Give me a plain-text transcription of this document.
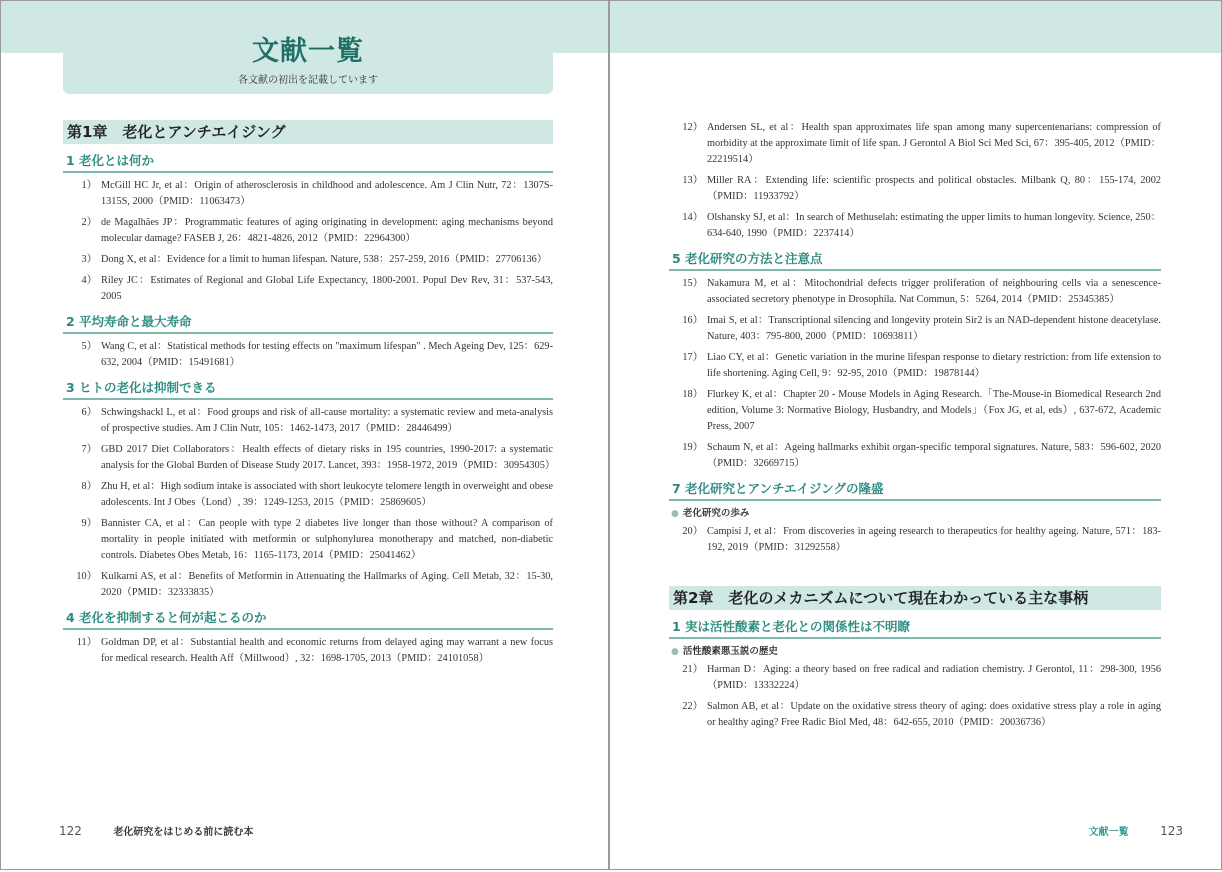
文献一覧
各文献の初出を記載しています
第1章　老化とアンチエイジング
1 老化とは何か
1） McGill HC Jr, et al：Origin of atherosclerosis in childhood and adolescence. Am J Clin Nutr, 72：1307S-1315S, 2000（PMID：11063473）
2） de Magalhães JP：Programmatic features of aging originating in development: aging mechanisms beyond molecular damage? FASEB J, 26：4821-4826, 2012（PMID：22964300）
3） Dong X, et al：Evidence for a limit to human lifespan. Nature, 538：257-259, 2016（PMID：27706136）
4） Riley JC：Estimates of Regional and Global Life Expectancy, 1800-2001. Popul Dev Rev, 31：537-543, 2005
2 平均寿命と最大寿命
5） Wang C, et al：Statistical methods for testing effects on "maximum lifespan" . Mech Ageing Dev, 125：629-632, 2004（PMID：15491681）
3 ヒトの老化は抑制できる
6） Schwingshackl L, et al：Food groups and risk of all-cause mortality: a systematic review and meta-analysis of prospective studies. Am J Clin Nutr, 105：1462-1473, 2017（PMID：28446499）
7） GBD 2017 Diet Collaborators：Health effects of dietary risks in 195 countries, 1990-2017: a systematic analysis for the Global Burden of Disease Study 2017. Lancet, 393：1958-1972, 2019（PMID：30954305）
8） Zhu H, et al：High sodium intake is associated with short leukocyte telomere length in overweight and obese adolescents. Int J Obes（Lond）, 39：1249-1253, 2015（PMID：25869605）
9） Bannister CA, et al：Can people with type 2 diabetes live longer than those without? A comparison of mortality in people initiated with metformin or sulphonylurea monotherapy and matched, non-diabetic controls. Diabetes Obes Metab, 16：1165-1173, 2014（PMID：25041462）
10） Kulkarni AS, et al：Benefits of Metformin in Attenuating the Hallmarks of Aging. Cell Metab, 32：15-30, 2020（PMID：32333835）
4 老化を抑制すると何が起こるのか
11） Goldman DP, et al：Substantial health and economic returns from delayed aging may warrant a new focus for medical research. Health Aff（Millwood）, 32：1698-1705, 2013（PMID：24101058）
122	老化研究をはじめる前に読む本
12） Andersen SL, et al：Health span approximates life span among many supercentenarians: compression of morbidity at the approximate limit of life span. J Gerontol A Biol Sci Med Sci, 67：395-405, 2012（PMID：22219514）
13） Miller RA：Extending life: scientific prospects and political obstacles. Milbank Q, 80：155-174, 2002（PMID：11933792）
14） Olshansky SJ, et al：In search of Methuselah: estimating the upper limits to human longevity. Science, 250：634-640, 1990（PMID：2237414）
5 老化研究の方法と注意点
15） Nakamura M, et al：Mitochondrial defects trigger proliferation of neighbouring cells via a senescence-associated secretory phenotype in Drosophila. Nat Commun, 5：5264, 2014（PMID：25345385）
16） Imai S, et al：Transcriptional silencing and longevity protein Sir2 is an NAD-dependent histone deacetylase. Nature, 403：795-800, 2000（PMID：10693811）
17） Liao CY, et al：Genetic variation in the murine lifespan response to dietary restriction: from life extension to life shortening. Aging Cell, 9：92-95, 2010（PMID：19878144）
18） Flurkey K, et al：Chapter 20 - Mouse Models in Aging Research.「The-Mouse-in Biomedical Research 2nd edition, Volume 3: Normative Biology, Husbandry, and Models」（Fox JG, et al, eds）, 637-672, Academic Press, 2007
19） Schaum N, et al：Ageing hallmarks exhibit organ-specific temporal signatures. Nature, 583：596-602, 2020（PMID：32669715）
7 老化研究とアンチエイジングの隆盛
● 老化研究の歩み
20） Campisi J, et al：From discoveries in ageing research to therapeutics for healthy ageing. Nature, 571：183-192, 2019（PMID：31292558）
第2章　老化のメカニズムについて現在わかっている主な事柄
1 実は活性酸素と老化との関係性は不明瞭
● 活性酸素悪玉説の歴史
21） Harman D：Aging: a theory based on free radical and radiation chemistry. J Gerontol, 11：298-300, 1956（PMID：13332224）
22） Salmon AB, et al：Update on the oxidative stress theory of aging: does oxidative stress play a role in aging or healthy aging? Free Radic Biol Med, 48：642-655, 2010（PMID：20036736）
文献一覧	123
